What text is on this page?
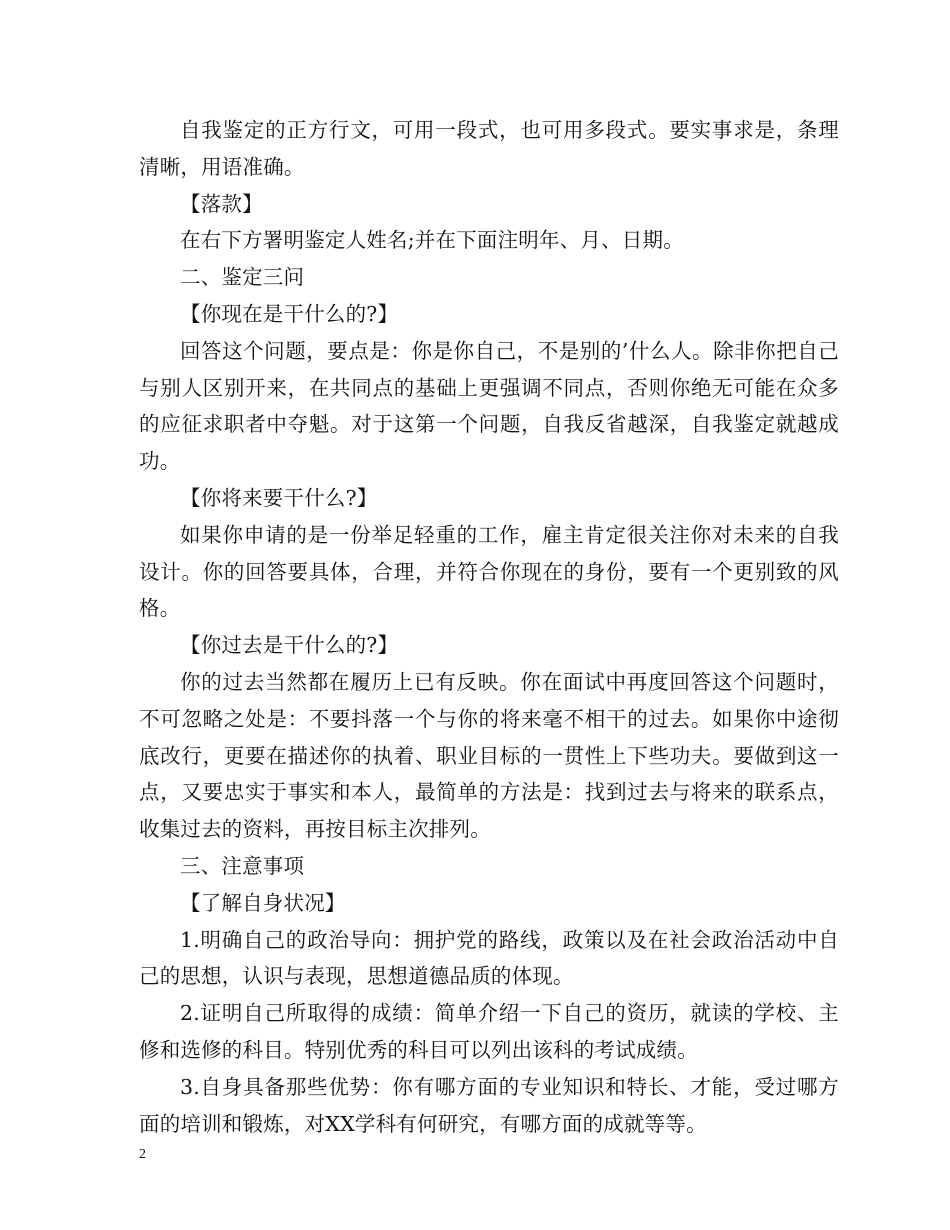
自我鉴定的正方行文，可用一段式，也可用多段式。要实事求是，条理清晰，用语准确。

【落款】

在右下方署明鉴定人姓名;并在下面注明年、月、日期。

二、鉴定三问

【你现在是干什么的?】

回答这个问题，要点是：你是你自己，不是别的’什么人。除非你把自己与别人区别开来，在共同点的基础上更强调不同点，否则你绝无可能在众多的应征求职者中夺魁。对于这第一个问题，自我反省越深，自我鉴定就越成功。

【你将来要干什么?】

如果你申请的是一份举足轻重的工作，雇主肯定很关注你对未来的自我设计。你的回答要具体，合理，并符合你现在的身份，要有一个更别致的风格。

【你过去是干什么的?】

你的过去当然都在履历上已有反映。你在面试中再度回答这个问题时，不可忽略之处是：不要抖落一个与你的将来毫不相干的过去。如果你中途彻底改行，更要在描述你的执着、职业目标的一贯性上下些功夫。要做到这一点，又要忠实于事实和本人，最简单的方法是：找到过去与将来的联系点，收集过去的资料，再按目标主次排列。

三、注意事项

【了解自身状况】

1.明确自己的政治导向：拥护党的路线，政策以及在社会政治活动中自己的思想，认识与表现，思想道德品质的体现。

2.证明自己所取得的成绩：简单介绍一下自己的资历，就读的学校、主修和选修的科目。特别优秀的科目可以列出该科的考试成绩。

3.自身具备那些优势：你有哪方面的专业知识和特长、才能，受过哪方面的培训和锻炼，对XX学科有何研究，有哪方面的成就等等。

2
